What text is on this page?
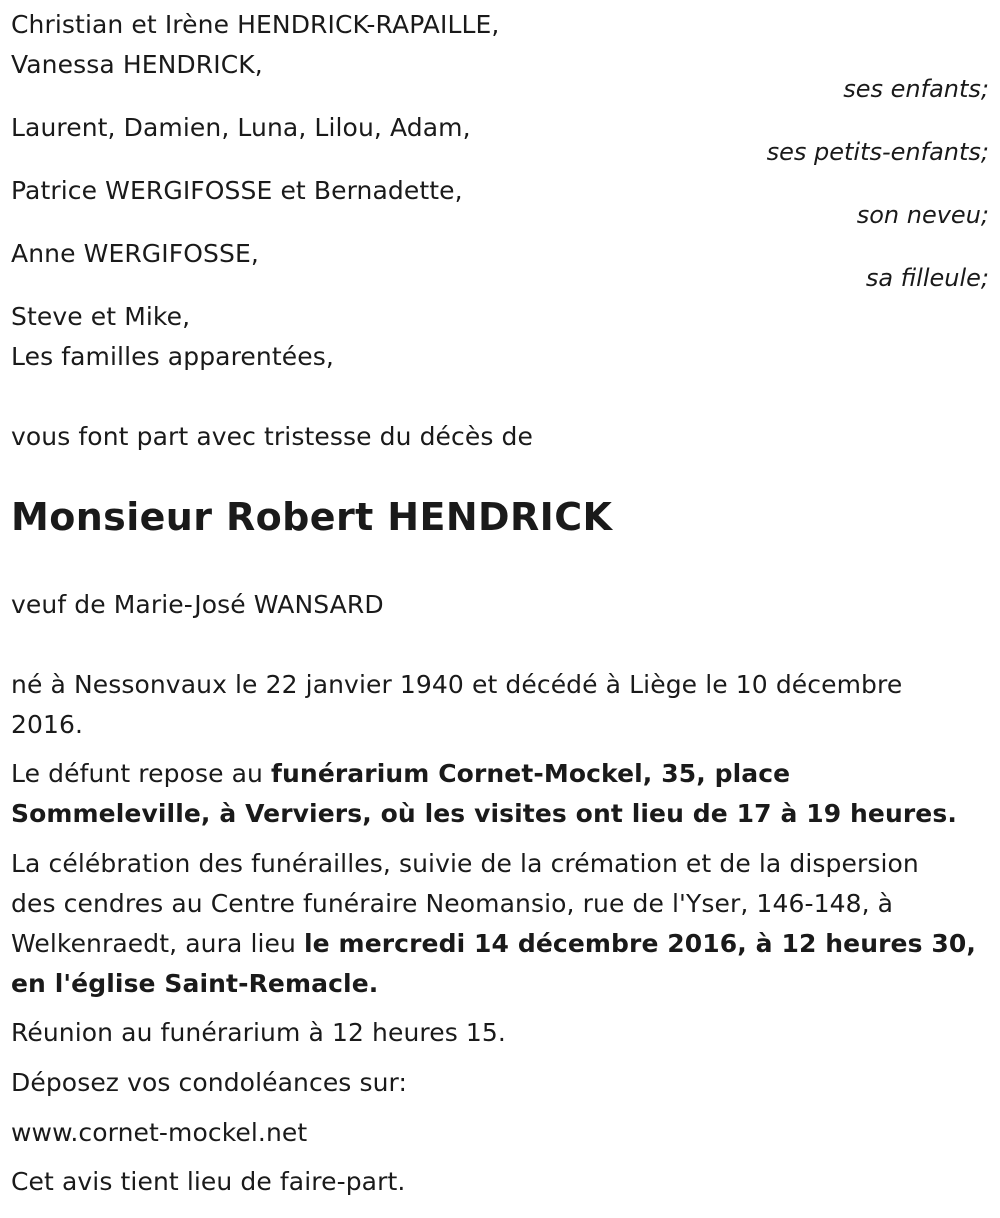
Christian et Irène HENDRICK-RAPAILLE,
Vanessa HENDRICK,
ses enfants;
Laurent, Damien, Luna, Lilou, Adam,
ses petits-enfants;
Patrice WERGIFOSSE et Bernadette,
son neveu;
Anne WERGIFOSSE,
sa filleule;
Steve et Mike,
Les familles apparentées,
vous font part avec tristesse du décès de
Monsieur Robert HENDRICK
veuf de Marie-José WANSARD
né à Nessonvaux le 22 janvier 1940 et décédé à Liège le 10 décembre
2016.
Le défunt repose au funérarium Cornet-Mockel, 35, place
Sommeleville, à Verviers, où les visites ont lieu de 17 à 19 heures.
La célébration des funérailles, suivie de la crémation et de la dispersion
des cendres au Centre funéraire Neomansio, rue de l'Yser, 146-148, à
Welkenraedt, aura lieu le mercredi 14 décembre 2016, à 12 heures 30,
en l'église Saint-Remacle.
Réunion au funérarium à 12 heures 15.
Déposez vos condoléances sur:
www.cornet-mockel.net
Cet avis tient lieu de faire-part.
